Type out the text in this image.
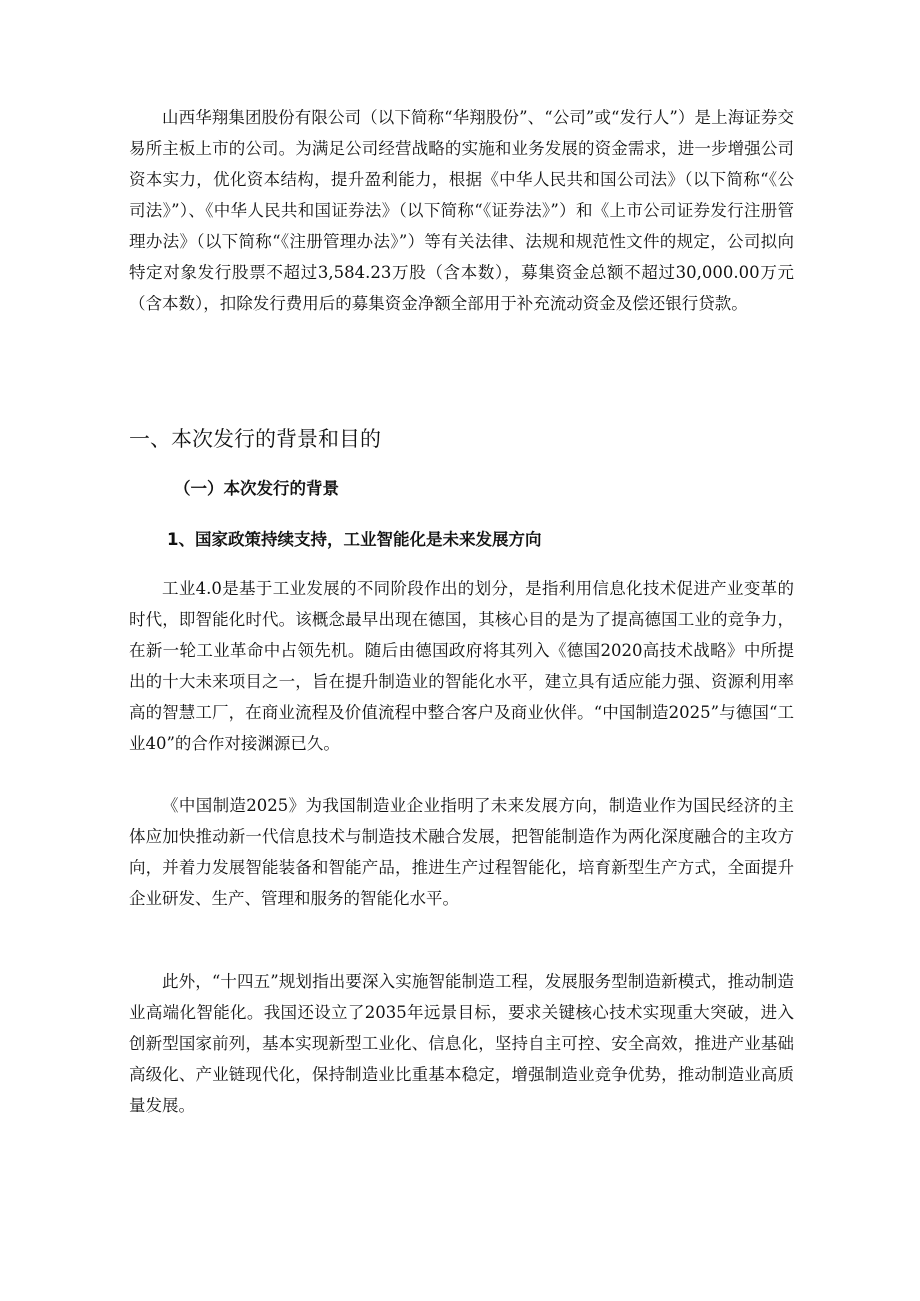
山西华翔集团股份有限公司（以下简称“华翔股份”、“公司”或“发行人”）是上海证券交易所主板上市的公司。为满足公司经营战略的实施和业务发展的资金需求，进一步增强公司资本实力，优化资本结构，提升盈利能力，根据《中华人民共和国公司法》（以下简称“《公司法》”）、《中华人民共和国证券法》（以下简称“《证券法》”）和《上市公司证券发行注册管理办法》（以下简称“《注册管理办法》”）等有关法律、法规和规范性文件的规定，公司拟向特定对象发行股票不超过3,584.23万股（含本数），募集资金总额不超过30,000.00万元（含本数），扣除发行费用后的募集资金净额全部用于补充流动资金及偿还银行贷款。

一、本次发行的背景和目的
（一）本次发行的背景
1、国家政策持续支持，工业智能化是未来发展方向

工业4.0是基于工业发展的不同阶段作出的划分，是指利用信息化技术促进产业变革的时代，即智能化时代。该概念最早出现在德国，其核心目的是为了提高德国工业的竞争力，在新一轮工业革命中占领先机。随后由德国政府将其列入《德国2020高技术战略》中所提出的十大未来项目之一，旨在提升制造业的智能化水平，建立具有适应能力强、资源利用率高的智慧工厂，在商业流程及价值流程中整合客户及商业伙伴。“中国制造2025”与德国“工业40”的合作对接渊源已久。

《中国制造2025》为我国制造业企业指明了未来发展方向，制造业作为国民经济的主体应加快推动新一代信息技术与制造技术融合发展，把智能制造作为两化深度融合的主攻方向，并着力发展智能装备和智能产品，推进生产过程智能化，培育新型生产方式，全面提升企业研发、生产、管理和服务的智能化水平。

此外，“十四五”规划指出要深入实施智能制造工程，发展服务型制造新模式，推动制造业高端化智能化。我国还设立了2035年远景目标，要求关键核心技术实现重大突破，进入创新型国家前列，基本实现新型工业化、信息化，坚持自主可控、安全高效，推进产业基础高级化、产业链现代化，保持制造业比重基本稳定，增强制造业竞争优势，推动制造业高质量发展。
